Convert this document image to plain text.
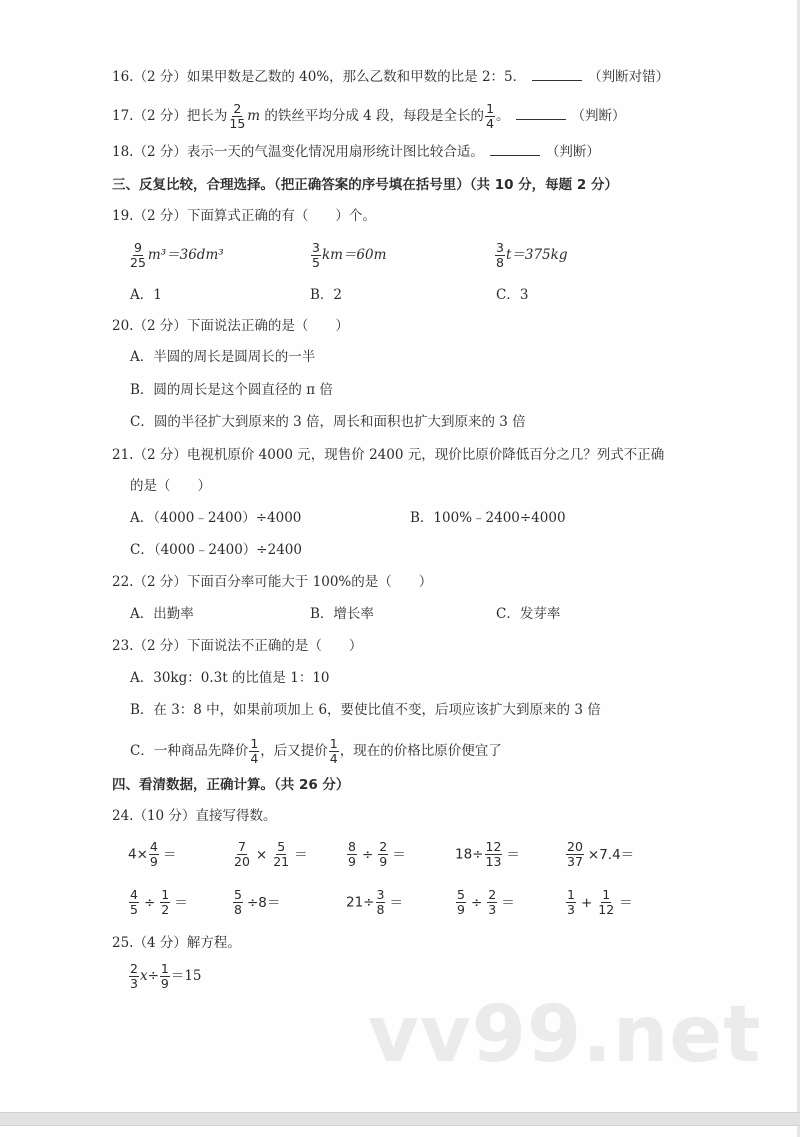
16.（2 分）如果甲数是乙数的 40%，那么乙数和甲数的比是 2：5．	（判断对错）
17.（2 分）把长为 $\frac{2}{15}$ m 的铁丝平均分成 4 段，每段是全长的 $\frac{1}{4}$ 。	（判断）
18.（2 分）表示一天的气温变化情况用扇形统计图比较合适。	（判断）
三、反复比较，合理选择。（把正确答案的序号填在括号里）（共 10 分，每题 2 分）
19.（2 分）下面算式正确的有（　　）个。
$\frac{9}{25} m^3=36dm^3$	$\frac{3}{5} km=60m$	$\frac{3}{8} t=375kg$
A．1	B．2	C．3
20.（2 分）下面说法正确的是（　　）
A．半圆的周长是圆周长的一半
B．圆的周长是这个圆直径的 π 倍
C．圆的半径扩大到原来的 3 倍，周长和面积也扩大到原来的 3 倍
21.（2 分）电视机原价 4000 元，现售价 2400 元，现价比原价降低百分之几？列式不正确
的是（　　）
A．（4000﹣2400）÷4000	B．100%﹣2400÷4000
C．（4000﹣2400）÷2400
22.（2 分）下面百分率可能大于 100%的是（　　）
A．出勤率	B．增长率	C．发芽率
23.（2 分）下面说法不正确的是（　　）
A．30kg：0.3t 的比值是 1：10
B．在 3：8 中，如果前项加上 6，要使比值不变，后项应该扩大到原来的 3 倍
C．一种商品先降价 $\frac{1}{4}$ ，后又提价 $\frac{1}{4}$ ，现在的价格比原价便宜了
四、看清数据，正确计算。（共 26 分）
24.（10 分）直接写得数。
$4\times \frac{4}{9}$ ＝	$\frac{7}{20} \times \frac{5}{21}$ ＝	$\frac{8}{9} \div \frac{2}{9}$ ＝	$18\div \frac{12}{13}$ ＝	$\frac{20}{37} \times 7.4=$
$\frac{4}{5} \div \frac{1}{2}$ ＝	$\frac{5}{8} \div 8=$	$21\div \frac{3}{8}$ ＝	$\frac{5}{9} \div \frac{2}{3}$ ＝	$\frac{1}{3} + \frac{1}{12}$ ＝
25.（4 分）解方程。
$\frac{2}{3} x\div \frac{1}{9} =15$
vv99.net
